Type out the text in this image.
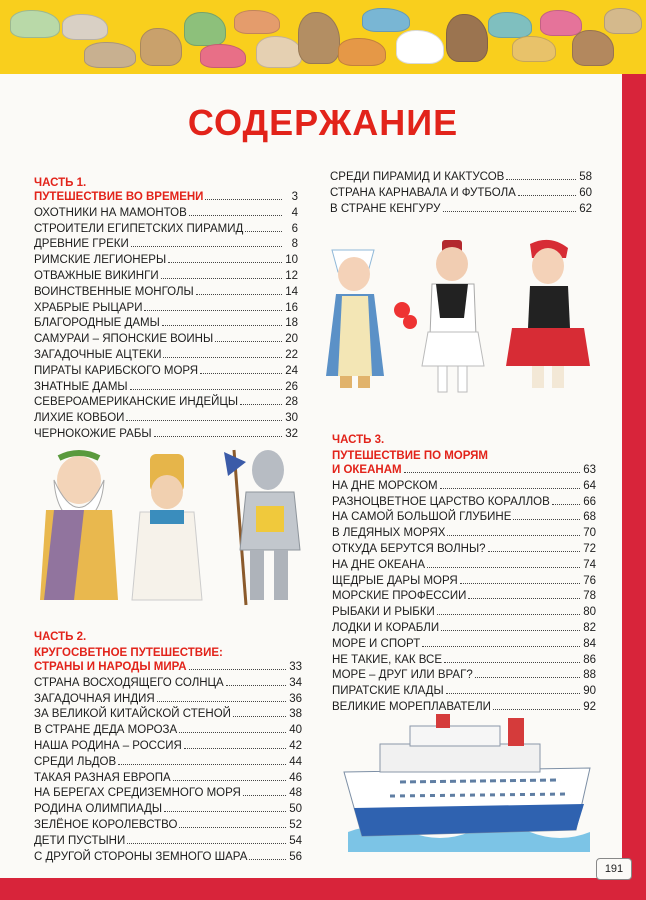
СОДЕРЖАНИЕ
ЧАСТЬ 1.
ПУТЕШЕСТВИЕ ВО ВРЕМЕНИ	3
ОХОТНИКИ НА МАМОНТОВ	4
СТРОИТЕЛИ ЕГИПЕТСКИХ ПИРАМИД	6
ДРЕВНИЕ ГРЕКИ	8
РИМСКИЕ ЛЕГИОНЕРЫ	10
ОТВАЖНЫЕ ВИКИНГИ	12
ВОИНСТВЕННЫЕ МОНГОЛЫ	14
ХРАБРЫЕ РЫЦАРИ	16
БЛАГОРОДНЫЕ ДАМЫ	18
САМУРАИ – ЯПОНСКИЕ ВОИНЫ	20
ЗАГАДОЧНЫЕ АЦТЕКИ	22
ПИРАТЫ КАРИБСКОГО МОРЯ	24
ЗНАТНЫЕ ДАМЫ	26
СЕВЕРОАМЕРИКАНСКИЕ ИНДЕЙЦЫ	28
ЛИХИЕ КОВБОИ	30
ЧЕРНОКОЖИЕ РАБЫ	32
ЧАСТЬ 2.
КРУГОСВЕТНОЕ ПУТЕШЕСТВИЕ:
СТРАНЫ И НАРОДЫ МИРА	33
СТРАНА ВОСХОДЯЩЕГО СОЛНЦА	34
ЗАГАДОЧНАЯ ИНДИЯ	36
ЗА ВЕЛИКОЙ КИТАЙСКОЙ СТЕНОЙ	38
В СТРАНЕ ДЕДА МОРОЗА	40
НАША РОДИНА – РОССИЯ	42
СРЕДИ ЛЬДОВ	44
ТАКАЯ РАЗНАЯ ЕВРОПА	46
НА БЕРЕГАХ СРЕДИЗЕМНОГО МОРЯ	48
РОДИНА ОЛИМПИАДЫ	50
ЗЕЛЁНОЕ КОРОЛЕВСТВО	52
ДЕТИ ПУСТЫНИ	54
С ДРУГОЙ СТОРОНЫ ЗЕМНОГО ШАРА	56
СРЕДИ ПИРАМИД И КАКТУСОВ	58
СТРАНА КАРНАВАЛА И ФУТБОЛА	60
В СТРАНЕ КЕНГУРУ	62
ЧАСТЬ 3.
ПУТЕШЕСТВИЕ ПО МОРЯМ
И ОКЕАНАМ	63
НА ДНЕ МОРСКОМ	64
РАЗНОЦВЕТНОЕ ЦАРСТВО КОРАЛЛОВ	66
НА САМОЙ БОЛЬШОЙ ГЛУБИНЕ	68
В ЛЕДЯНЫХ МОРЯХ	70
ОТКУДА БЕРУТСЯ ВОЛНЫ?	72
НА ДНЕ ОКЕАНА	74
ЩЕДРЫЕ ДАРЫ МОРЯ	76
МОРСКИЕ ПРОФЕССИИ	78
РЫБАКИ И РЫБКИ	80
ЛОДКИ И КОРАБЛИ	82
МОРЕ И СПОРТ	84
НЕ ТАКИЕ, КАК ВСЕ	86
МОРЕ – ДРУГ ИЛИ ВРАГ?	88
ПИРАТСКИЕ КЛАДЫ	90
ВЕЛИКИЕ МОРЕПЛАВАТЕЛИ	92
191
